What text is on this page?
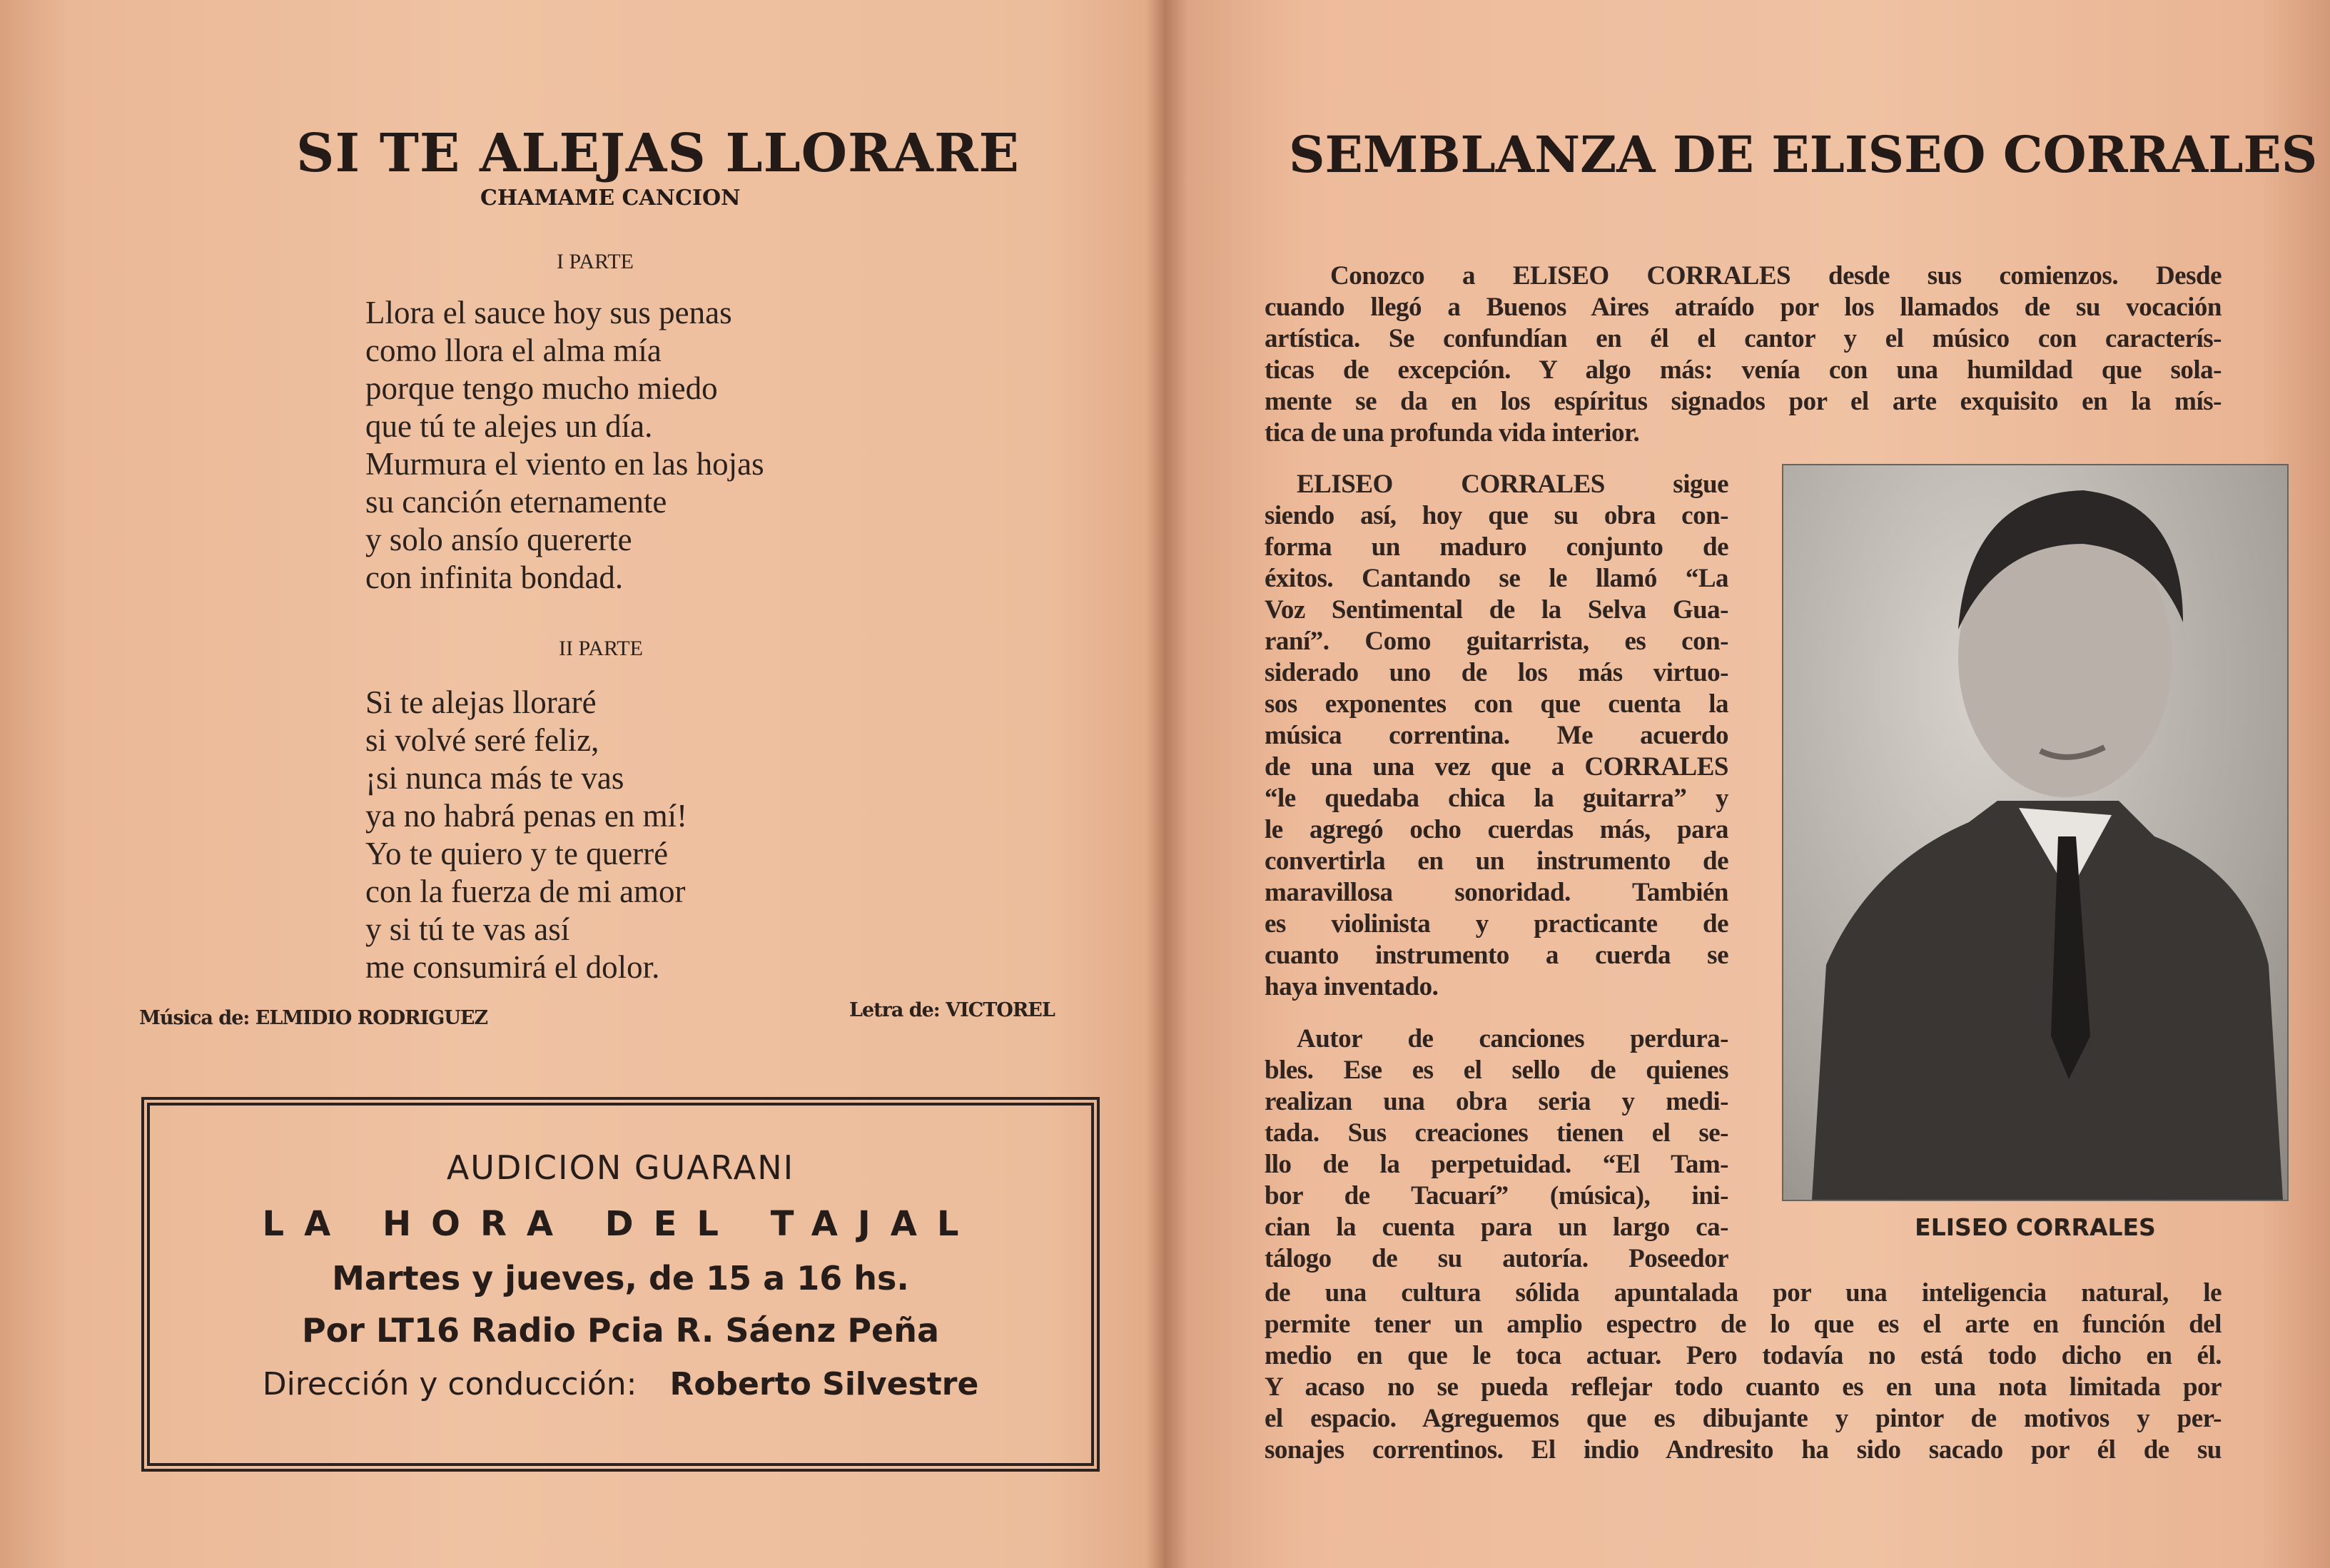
SI TE ALEJAS LLORARE
CHAMAME CANCION
I PARTE
Llora el sauce hoy sus penas
como llora el alma mía
porque tengo mucho miedo
que tú te alejes un día.
Murmura el viento en las hojas
su canción eternamente
y solo ansío quererte
con infinita bondad.
II PARTE
Si te alejas lloraré
si volvé seré feliz,
¡si nunca más te vas
ya no habrá penas en mí!
Yo te quiero y te querré
con la fuerza de mi amor
y si tú te vas así
me consumirá el dolor.
Música de: ELMIDIO RODRIGUEZ	Letra de: VICTOREL
AUDICION GUARANI
LA HORA DEL TAJAL
Martes y jueves, de 15 a 16 hs.
Por LT16 Radio Pcia R. Sáenz Peña
Dirección y conducción: Roberto Silvestre
SEMBLANZA DE ELISEO CORRALES
Conozco a ELISEO CORRALES desde sus comienzos. Desde
cuando llegó a Buenos Aires atraído por los llamados de su vocación
artística. Se confundían en él el cantor y el músico con caracterís-
ticas de excepción. Y algo más: venía con una humildad que sola-
mente se da en los espíritus signados por el arte exquisito en la mís-
tica de una profunda vida interior.
ELISEO CORRALES sigue
siendo así, hoy que su obra con-
forma un maduro conjunto de
éxitos. Cantando se le llamó “La
Voz Sentimental de la Selva Gua-
raní”. Como guitarrista, es con-
siderado uno de los más virtuo-
sos exponentes con que cuenta la
música correntina. Me acuerdo
de una una vez que a CORRALES
“le quedaba chica la guitarra” y
le agregó ocho cuerdas más, para
convertirla en un instrumento de
maravillosa sonoridad. También
es violinista y practicante de
cuanto instrumento a cuerda se
haya inventado.
Autor de canciones perdura-
bles. Ese es el sello de quienes
realizan una obra seria y medi-
tada. Sus creaciones tienen el se-
llo de la perpetuidad. “El Tam-
bor de Tacuarí” (música), ini-
cian la cuenta para un largo ca-
tálogo de su autoría. Poseedor
de una cultura sólida apuntalada por una inteligencia natural, le
permite tener un amplio espectro de lo que es el arte en función del
medio en que le toca actuar. Pero todavía no está todo dicho en él.
Y acaso no se pueda reflejar todo cuanto es en una nota limitada por
el espacio. Agreguemos que es dibujante y pintor de motivos y per-
sonajes correntinos. El indio Andresito ha sido sacado por él de su
ELISEO CORRALES
